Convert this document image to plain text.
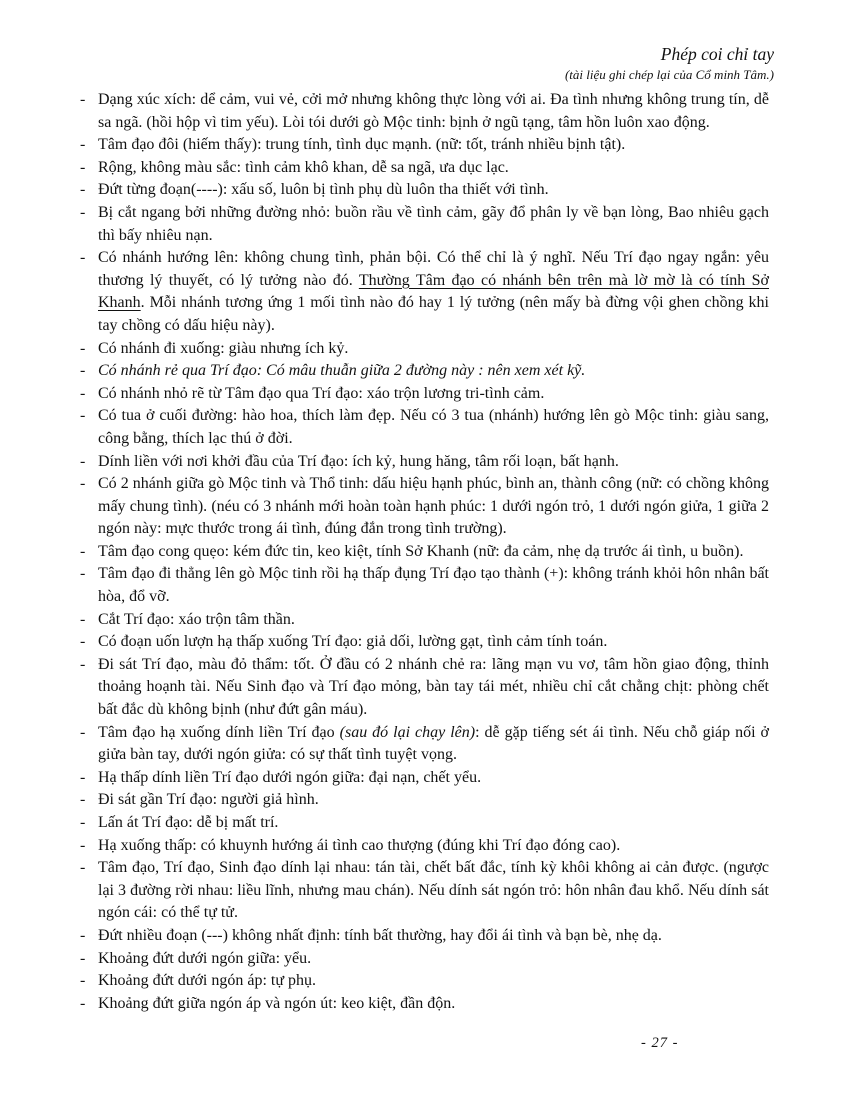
Phép coi chỉ tay
(tài liệu ghi chép lại của Cổ minh Tâm.)
- Dạng xúc xích: dể cảm, vui vẻ, cởi mở nhưng không thực lòng với ai. Đa tình nhưng không trung tín, dễ sa ngã. (hồi hộp vì tim yếu). Lòi tói dưới gò Mộc tinh: bịnh ở ngũ tạng, tâm hồn luôn xao động.
- Tâm đạo đôi (hiếm thấy): trung tính, tình dục mạnh. (nữ: tốt, tránh nhiều bịnh tật).
- Rộng, không màu sắc: tình cảm khô khan, dễ sa ngã, ưa dục lạc.
- Đứt từng đoạn(----): xấu số, luôn bị tình phụ dù luôn tha thiết với tình.
- Bị cắt ngang bởi những đường nhỏ: buồn rầu về tình cảm, gãy đổ phân ly về bạn lòng, Bao nhiêu gạch thì bấy nhiêu nạn.
- Có nhánh hướng lên: không chung tình, phản bội. Có thể chỉ là ý nghĩ. Nếu Trí đạo ngay ngắn: yêu thương lý thuyết, có lý tưởng nào đó. Thường Tâm đạo có nhánh bên trên mà lờ mờ là có tính Sở Khanh. Mỗi nhánh tương ứng 1 mối tình nào đó hay 1 lý tưởng (nên mấy bà đừng vội ghen chồng khi tay chồng có dấu hiệu này).
- Có nhánh đi xuống: giàu nhưng ích kỷ.
- Có nhánh rẻ qua Trí đạo: Có mâu thuẫn giữa 2 đường này : nên xem xét kỹ.
- Có nhánh nhỏ rẽ từ Tâm đạo qua Trí đạo: xáo trộn lương tri-tình cảm.
- Có tua ở cuối đường: hào hoa, thích làm đẹp. Nếu có 3 tua (nhánh) hướng lên gò Mộc tinh: giàu sang, công bằng, thích lạc thú ở đời.
- Dính liền với nơi khởi đầu của Trí đạo: ích kỷ, hung hăng, tâm rối loạn, bất hạnh.
- Có 2 nhánh giữa gò Mộc tinh và Thổ tinh: dấu hiệu hạnh phúc, bình an, thành công (nữ: có chồng không mấy chung tình). (néu có 3 nhánh mới hoàn toàn hạnh phúc: 1 dưới ngón trỏ, 1 dưới ngón giửa, 1 giữa 2 ngón này: mực thước trong ái tình, đúng đắn trong tình trường).
- Tâm đạo cong quẹo: kém đức tin, keo kiệt, tính Sở Khanh (nữ: đa cảm, nhẹ dạ trước ái tình, u buồn).
- Tâm đạo đi thẳng lên gò Mộc tinh rồi hạ thấp đụng Trí đạo tạo thành (+): không tránh khỏi hôn nhân bất hòa, đổ vỡ.
- Cắt Trí đạo: xáo trộn tâm thần.
- Có đoạn uốn lượn hạ thấp xuống Trí đạo: giả dối, lường gạt, tình cảm tính toán.
- Đi sát Trí đạo, màu đỏ thẩm: tốt. Ở đầu có 2 nhánh chẻ ra: lãng mạn vu vơ, tâm hồn giao động, thỉnh thoảng hoạnh tài. Nếu Sinh đạo và Trí đạo mỏng, bàn tay tái mét, nhiều chỉ cắt chằng chịt: phòng chết bất đắc dù không bịnh (như đứt gân máu).
- Tâm đạo hạ xuống dính liền Trí đạo (sau đó lại chạy lên): dễ gặp tiếng sét ái tình. Nếu chỗ giáp nối ở giửa bàn tay, dưới ngón giửa: có sự thất tình tuyệt vọng.
- Hạ thấp dính liền Trí đạo dưới ngón giữa: đại nạn, chết yểu.
- Đi sát gần Trí đạo: người giả hình.
- Lấn át Trí đạo: dễ bị mất trí.
- Hạ xuống thấp: có khuynh hướng ái tình cao thượng (đúng khi Trí đạo đóng cao).
- Tâm đạo, Trí đạo, Sinh đạo dính lại nhau: tán tài, chết bất đắc, tính kỳ khôi không ai cản được. (ngược lại 3 đường rời nhau: liều lĩnh, nhưng mau chán). Nếu dính sát ngón trỏ: hôn nhân đau khổ. Nếu dính sát ngón cái: có thể tự tử.
- Đứt nhiều đoạn (---) không nhất định: tính bất thường, hay đổi ái tình và bạn bè, nhẹ dạ.
- Khoảng đứt dưới ngón giữa: yểu.
- Khoảng đứt dưới ngón áp: tự phụ.
- Khoảng đứt giữa ngón áp và ngón út: keo kiệt, đần độn.
- 27 -
